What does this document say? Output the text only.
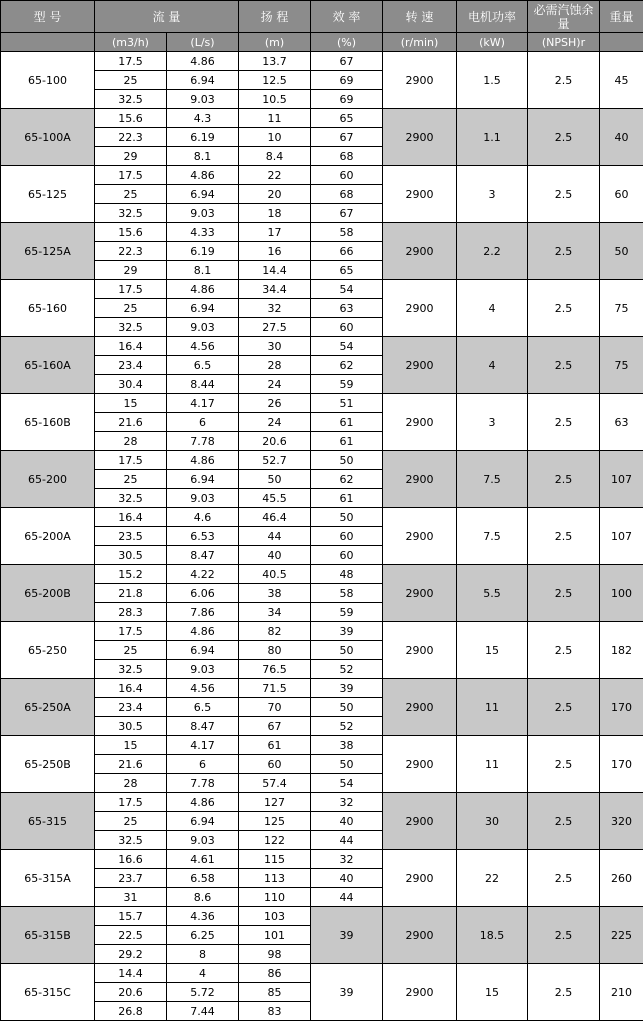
型 号	流 量		扬 程	效 率	转 速	电机功率	必需汽蚀余量	重量
	(m3/h)	(L/s)	(m)	(%)	(r/min)	(kW)	(NPSH)r	
65-100	17.5	4.86	13.7	67	2900	1.5	2.5	45
	25	6.94	12.5	69				
	32.5	9.03	10.5	69				
65-100A	15.6	4.3	11	65	2900	1.1	2.5	40
	22.3	6.19	10	67				
	29	8.1	8.4	68				
65-125	17.5	4.86	22	60	2900	3	2.5	60
	25	6.94	20	68				
	32.5	9.03	18	67				
65-125A	15.6	4.33	17	58	2900	2.2	2.5	50
	22.3	6.19	16	66				
	29	8.1	14.4	65				
65-160	17.5	4.86	34.4	54	2900	4	2.5	75
	25	6.94	32	63				
	32.5	9.03	27.5	60				
65-160A	16.4	4.56	30	54	2900	4	2.5	75
	23.4	6.5	28	62				
	30.4	8.44	24	59				
65-160B	15	4.17	26	51	2900	3	2.5	63
	21.6	6	24	61				
	28	7.78	20.6	61				
65-200	17.5	4.86	52.7	50	2900	7.5	2.5	107
	25	6.94	50	62				
	32.5	9.03	45.5	61				
65-200A	16.4	4.6	46.4	50	2900	7.5	2.5	107
	23.5	6.53	44	60				
	30.5	8.47	40	60				
65-200B	15.2	4.22	40.5	48	2900	5.5	2.5	100
	21.8	6.06	38	58				
	28.3	7.86	34	59				
65-250	17.5	4.86	82	39	2900	15	2.5	182
	25	6.94	80	50				
	32.5	9.03	76.5	52				
65-250A	16.4	4.56	71.5	39	2900	11	2.5	170
	23.4	6.5	70	50				
	30.5	8.47	67	52				
65-250B	15	4.17	61	38	2900	11	2.5	170
	21.6	6	60	50				
	28	7.78	57.4	54				
65-315	17.5	4.86	127	32	2900	30	2.5	320
	25	6.94	125	40				
	32.5	9.03	122	44				
65-315A	16.6	4.61	115	32	2900	22	2.5	260
	23.7	6.58	113	40				
	31	8.6	110	44				
65-315B	15.7	4.36	103	39	2900	18.5	2.5	225
	22.5	6.25	101					
	29.2	8	98					
65-315C	14.4	4	86	39	2900	15	2.5	210
	20.6	5.72	85					
	26.8	7.44	83					
